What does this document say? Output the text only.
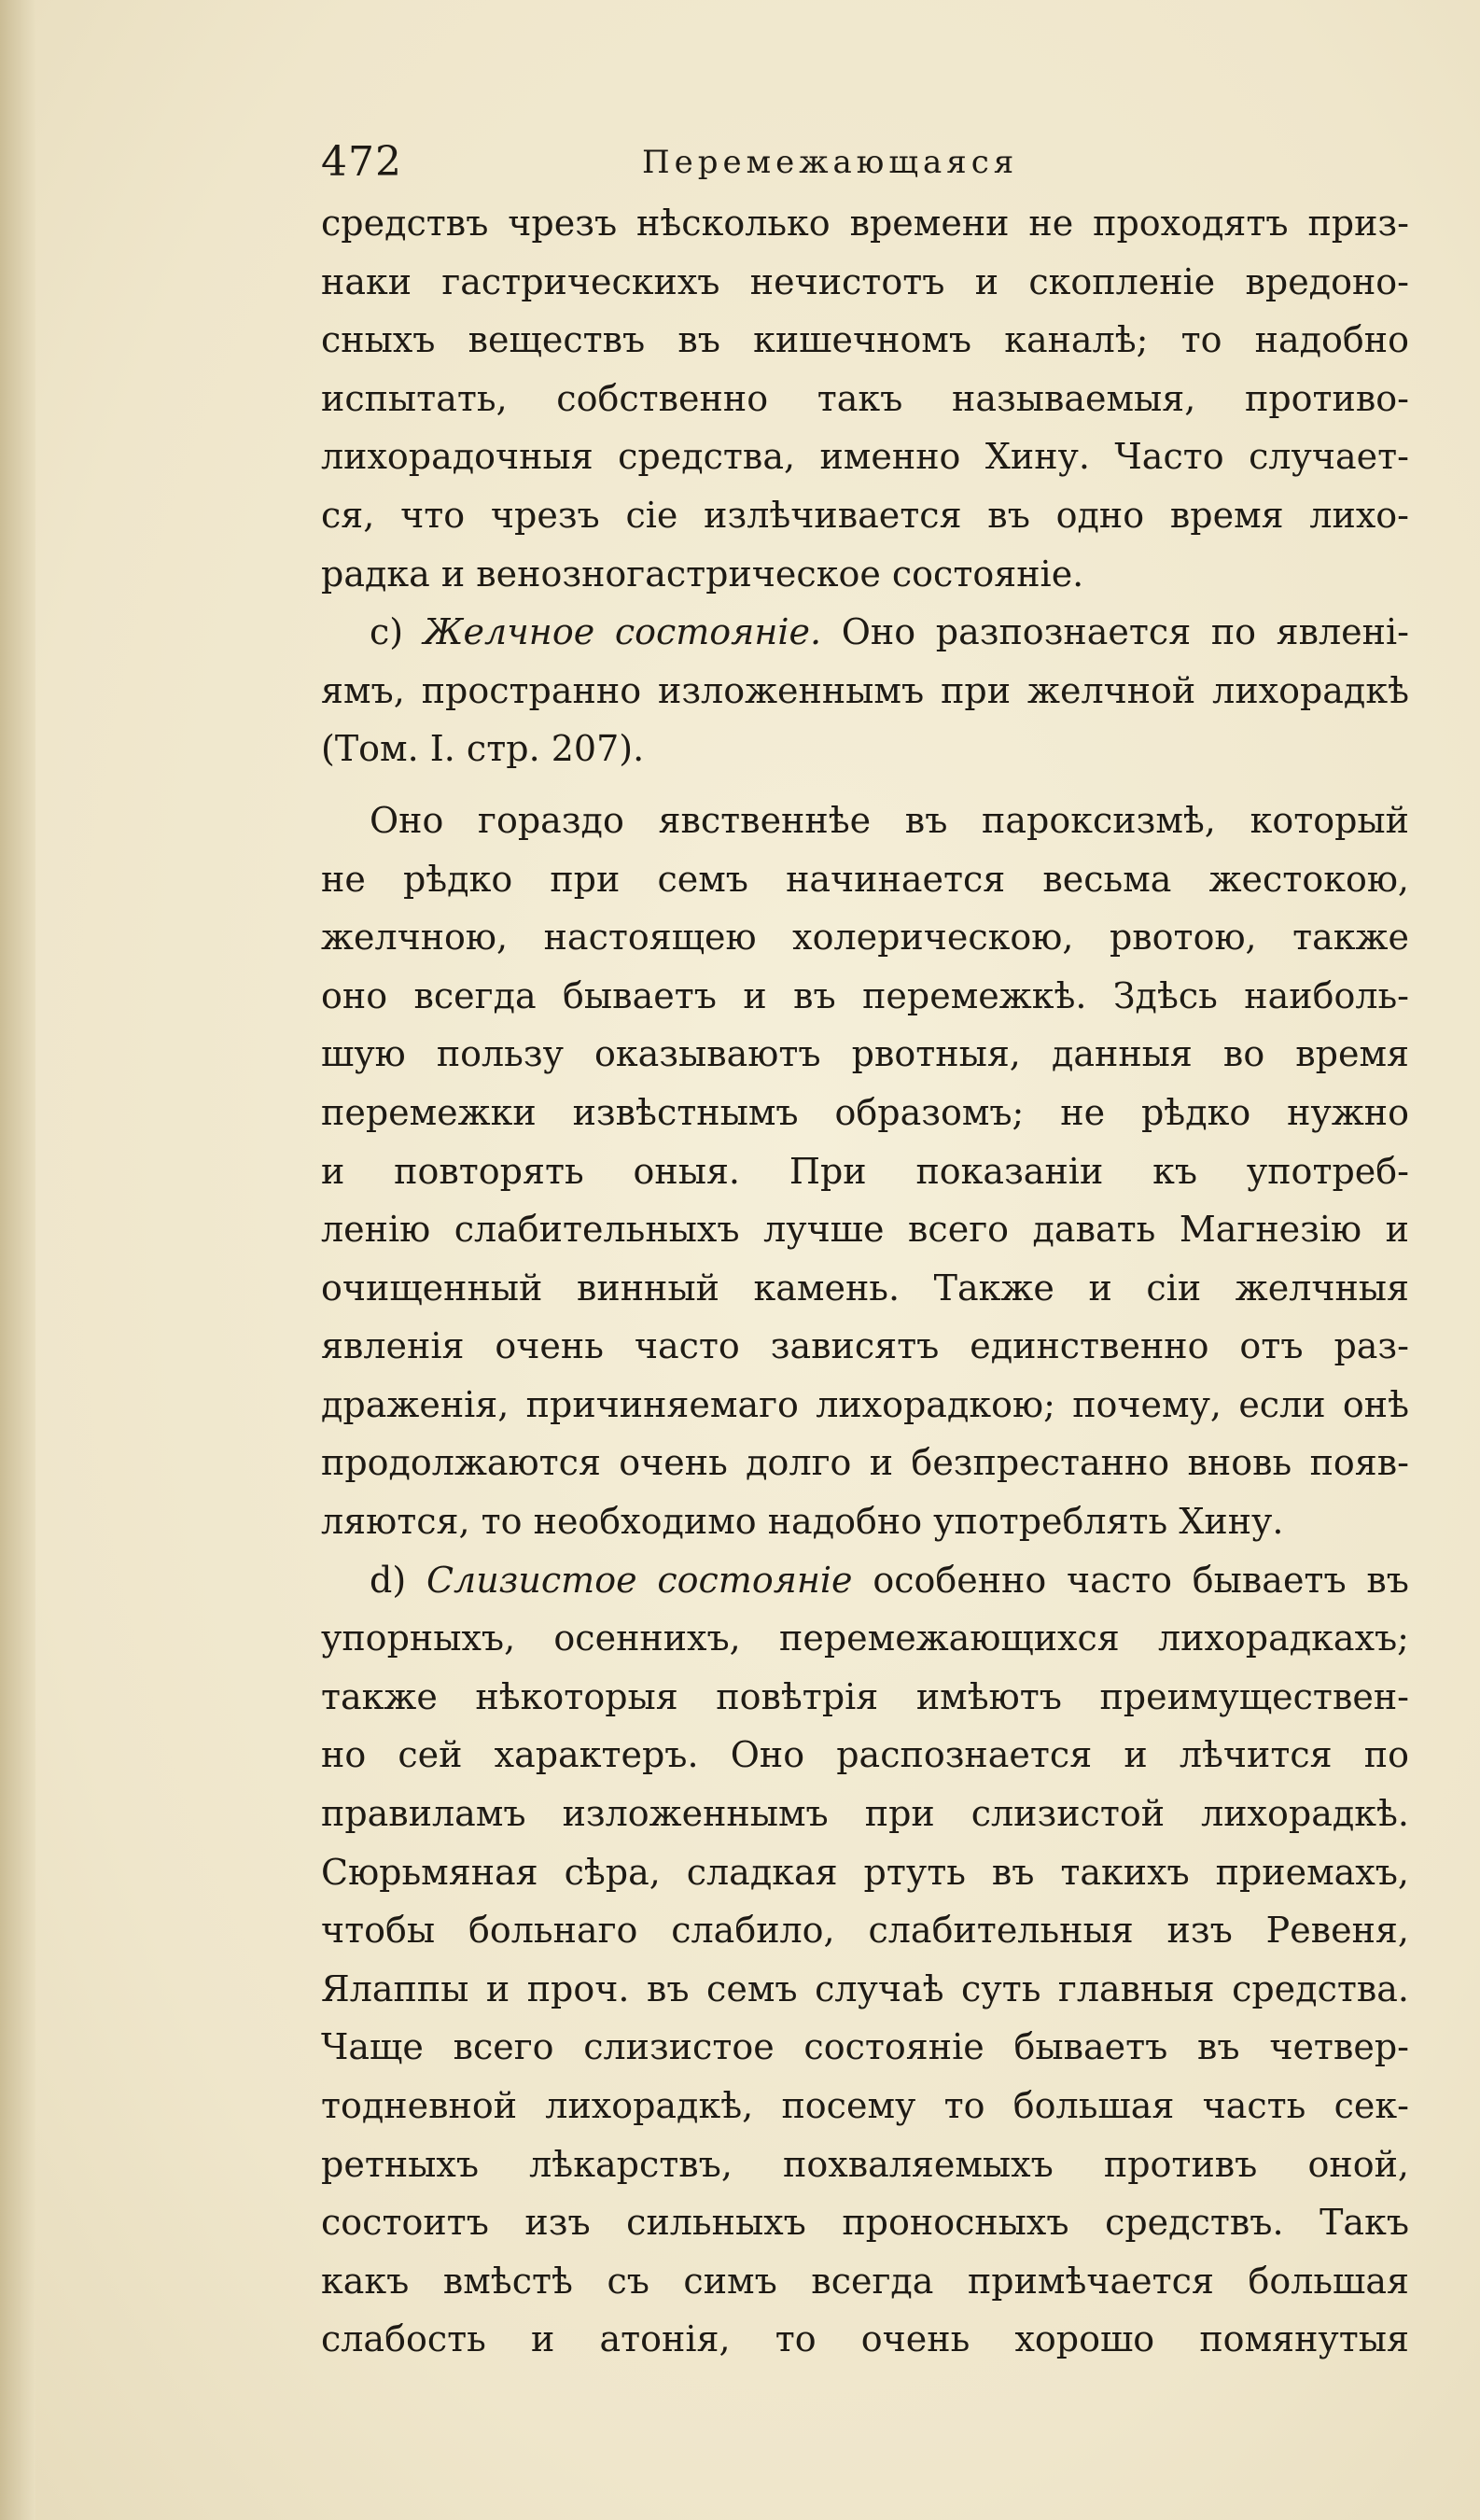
472	Перемежающаяся
средствъ чрезъ нѣсколько времени не проходятъ приз-
наки гастрическихъ нечистотъ и скопленіе вредоно-
сныхъ веществъ въ кишечномъ каналѣ; то надобно
испытать, собственно такъ называемыя, противо-
лихорадочныя средства, именно Хину. Часто случает-
ся, что чрезъ сіе излѣчивается въ одно время лихо-
радка и венозногастрическое состояніе.
c) Желчное состояніе. Оно разпознается по явлені-
ямъ, пространно изложеннымъ при желчной лихорадкѣ
(Том. I. стр. 207).
Оно гораздо явственнѣе въ пароксизмѣ, который
не рѣдко при семъ начинается весьма жестокою,
желчною, настоящею холерическою, рвотою, также
оно всегда бываетъ и въ перемежкѣ. Здѣсь наиболь-
шую пользу оказываютъ рвотныя, данныя во время
перемежки извѣстнымъ образомъ; не рѣдко нужно
и повторять оныя. При показаніи къ употреб-
ленію слабительныхъ лучше всего давать Магнезію и
очищенный винный камень. Также и сіи желчныя
явленія очень часто зависятъ единственно отъ раз-
драженія, причиняемаго лихорадкою; почему, если онѣ
продолжаются очень долго и безпрестанно вновь появ-
ляются, то необходимо надобно употреблять Хину.
d) Слизистое состояніе особенно часто бываетъ въ
упорныхъ, осеннихъ, перемежающихся лихорадкахъ;
также нѣкоторыя повѣтрія имѣютъ преимуществен-
но сей характеръ. Оно распознается и лѣчится по
правиламъ изложеннымъ при слизистой лихорадкѣ.
Сюрьмяная сѣра, сладкая ртуть въ такихъ приемахъ,
чтобы больнаго слабило, слабительныя изъ Ревеня,
Ялаппы и проч. въ семъ случаѣ суть главныя средства.
Чаще всего слизистое состояніе бываетъ въ четвер-
тодневной лихорадкѣ, посему то большая часть сек-
ретныхъ лѣкарствъ, похваляемыхъ противъ оной,
состоитъ изъ сильныхъ проносныхъ средствъ. Такъ
какъ вмѣстѣ съ симъ всегда примѣчается большая
слабость и атонія, то очень хорошо помянутыя
